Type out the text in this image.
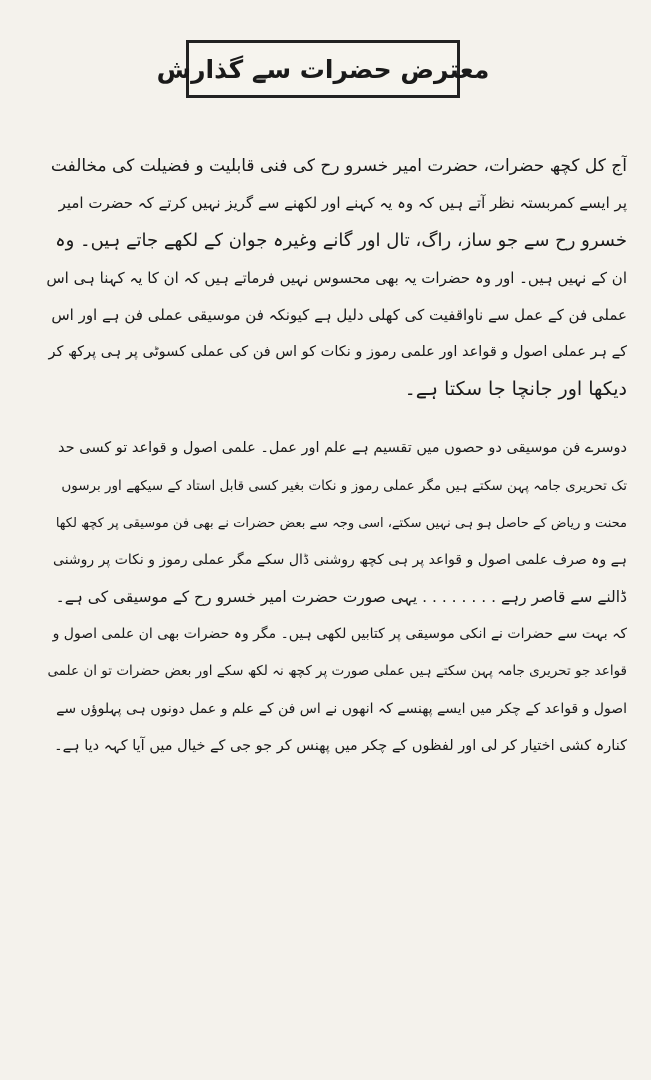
معترض حضرات سے گذارش
آج کل کچھ حضرات، حضرت امیر خسرو رح کی فنی قابلیت و فضیلت کی مخالفت
پر ایسے کمربستہ نظر آتے ہیں کہ وہ یہ کہنے اور لکھنے سے گریز نہیں کرتے کہ حضرت امیر
خسرو رح سے جو ساز، راگ، تال اور گانے وغیرہ جوان کے لکھے جاتے ہیں۔ وہ
ان کے نہیں ہیں۔ اور وہ حضرات یہ بھی محسوس نہیں فرماتے ہیں کہ ان کا یہ کہنا ہی اس
عملی فن کے عمل سے ناواقفیت کی کھلی دلیل ہے کیونکہ فن موسیقی عملی فن ہے اور اس
کے ہر عملی اصول و قواعد اور علمی رموز و نکات کو اس فن کی عملی کسوٹی پر ہی پرکھ کر
دیکھا اور جانچا جا سکتا ہے۔
دوسرے فن موسیقی دو حصوں میں تقسیم ہے علم اور عمل۔ علمی اصول و قواعد تو کسی حد
تک تحریری جامہ پہن سکتے ہیں مگر عملی رموز و نکات بغیر کسی قابل استاد کے سیکھے اور برسوں
محنت و ریاض کے حاصل ہو ہی نہیں سکتے، اسی وجہ سے بعض حضرات نے بھی فن موسیقی پر کچھ لکھا
ہے وہ صرف علمی اصول و قواعد پر ہی کچھ روشنی ڈال سکے مگر عملی رموز و نکات پر روشنی
ڈالنے سے قاصر رہے . . . . . . . . یہی صورت حضرت امیر خسرو رح کے موسیقی کی ہے۔
کہ بہت سے حضرات نے انکی موسیقی پر کتابیں لکھی ہیں۔ مگر وہ حضرات بھی ان علمی اصول و
قواعد جو تحریری جامہ پہن سکتے ہیں عملی صورت پر کچھ نہ لکھ سکے اور بعض حضرات تو ان علمی
اصول و قواعد کے چکر میں ایسے پھنسے کہ انھوں نے اس فن کے علم و عمل دونوں ہی پہلوؤں سے
کنارہ کشی اختیار کر لی اور لفظوں کے چکر میں پھنس کر جو جی کے خیال میں آیا کہہ دیا ہے۔
